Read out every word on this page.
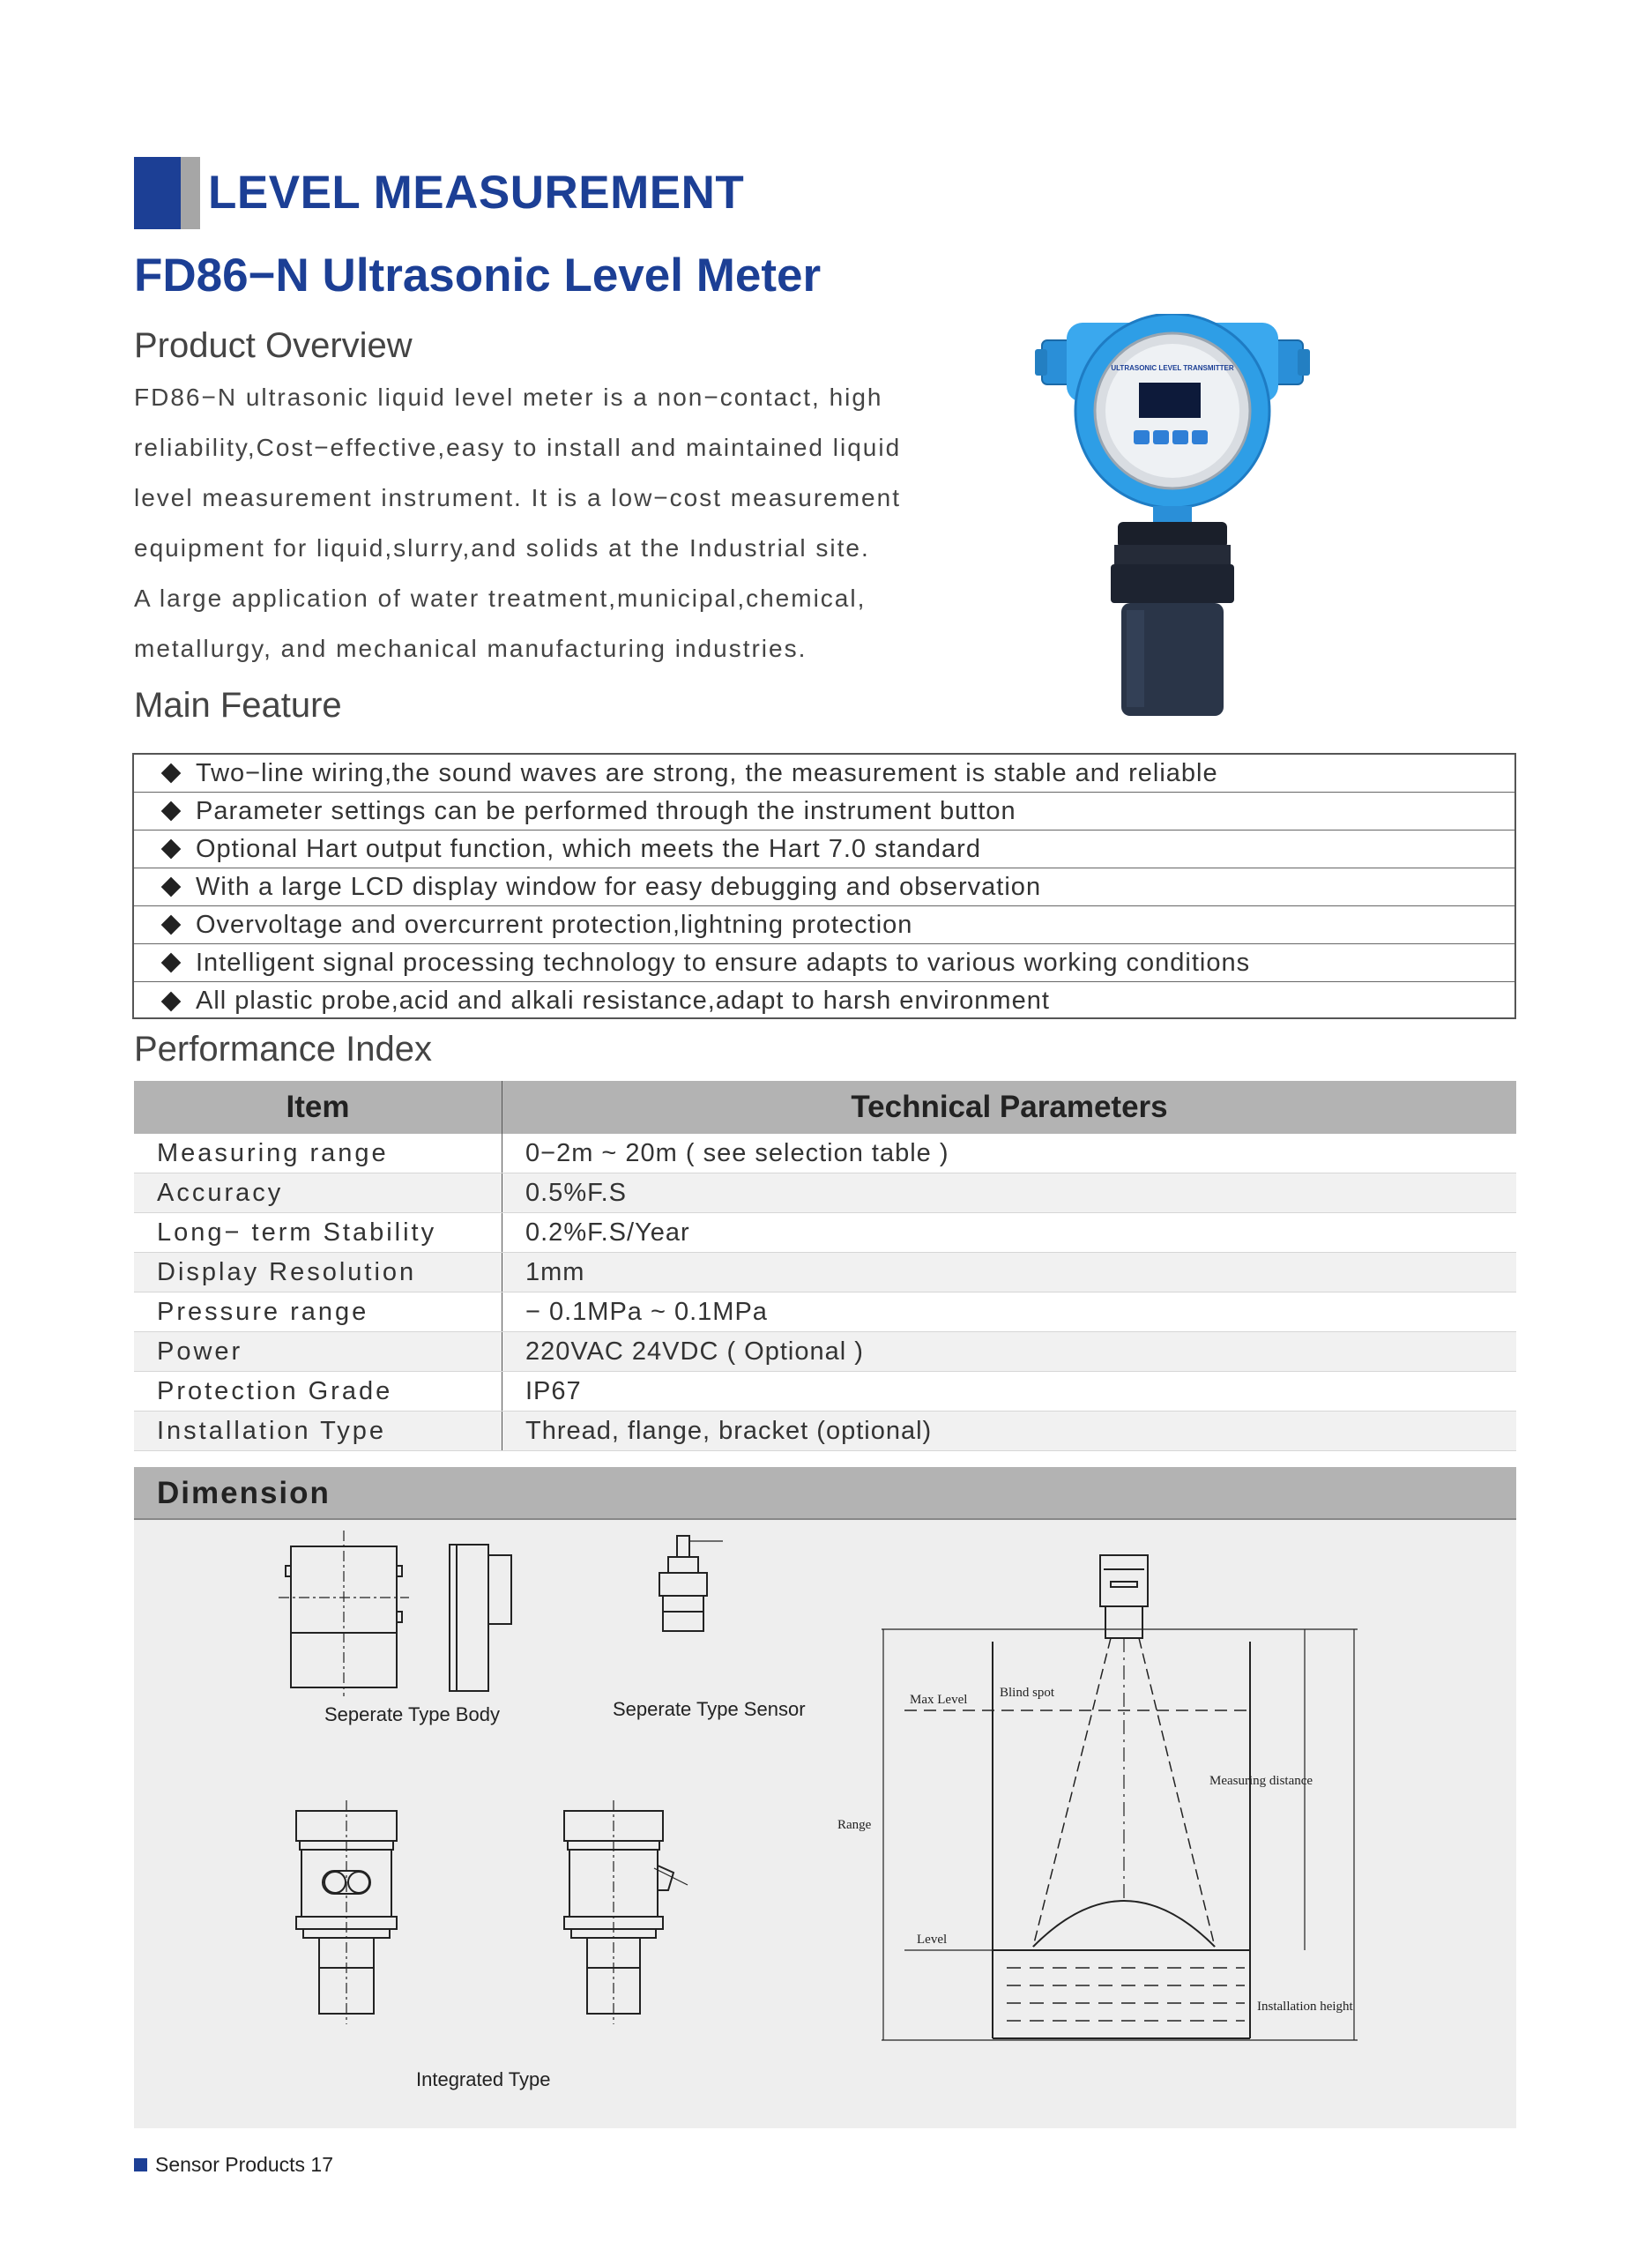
LEVEL MEASUREMENT
FD86−N Ultrasonic Level Meter
Product Overview
FD86−N ultrasonic liquid level meter is a non−contact, high
reliability,Cost−effective,easy to install and maintained liquid
level measurement instrument. It is a low−cost measurement
equipment for liquid,slurry,and solids at the Industrial site.
A large application of water treatment,municipal,chemical,
metallurgy, and mechanical manufacturing industries.
ULTRASONIC LEVEL TRANSMITTER
Main Feature
Two−line wiring,the sound waves are strong, the measurement is stable and reliable
Parameter settings can be performed through the instrument button
Optional Hart output function, which meets the Hart 7.0 standard
With a large LCD display window for easy debugging and observation
Overvoltage and overcurrent protection,lightning protection
Intelligent signal processing technology to ensure adapts to various working conditions
All plastic probe,acid and alkali resistance,adapt to harsh environment
Performance Index
Item	Technical Parameters
Measuring range	0−2m ~ 20m ( see selection table )
Accuracy	0.5%F.S
Long− term Stability	0.2%F.S/Year
Display Resolution	1mm
Pressure range	− 0.1MPa ~ 0.1MPa
Power	220VAC 24VDC ( Optional )
Protection Grade	IP67
Installation Type	Thread, flange, bracket (optional)
Dimension
Seperate Type Body	Seperate Type Sensor
Integrated Type
Max Level Blind spot
Measuring distance
Range
Level
Installation height
Sensor Products 17
